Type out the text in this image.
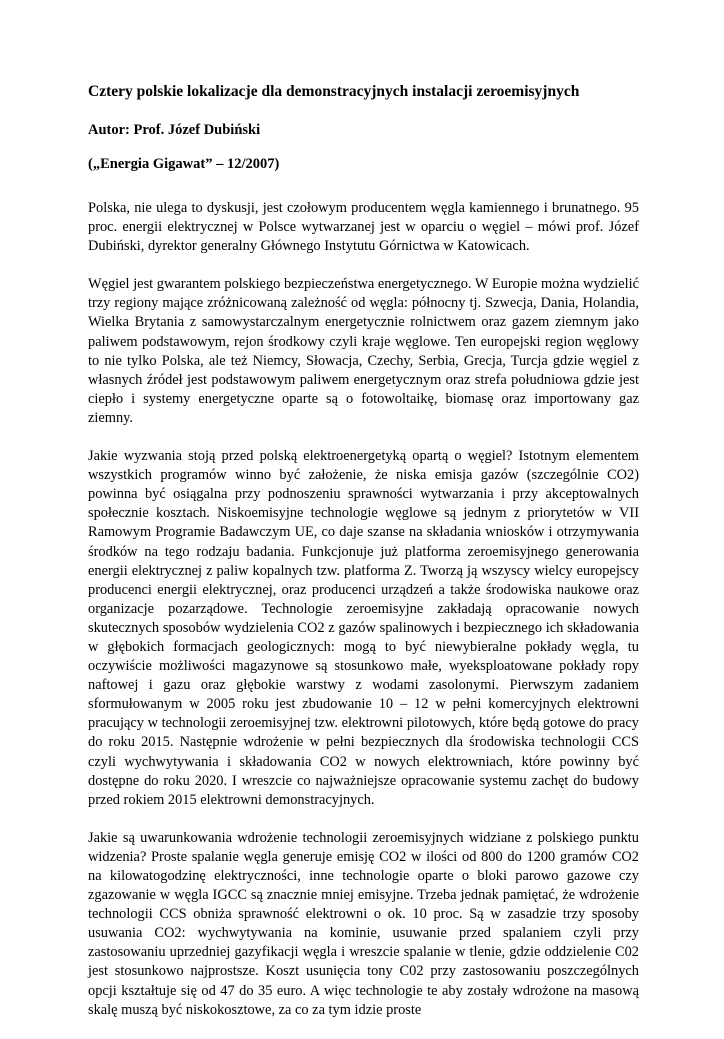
Cztery polskie lokalizacje dla demonstracyjnych instalacji zeroemisyjnych
Autor: Prof. Józef Dubiński
(„Energia Gigawat” – 12/2007)

Polska, nie ulega to dyskusji, jest czołowym producentem węgla kamiennego i brunatnego. 95 proc. energii elektrycznej w Polsce wytwarzanej jest w oparciu o węgiel – mówi prof. Józef Dubiński, dyrektor generalny Głównego Instytutu Górnictwa w Katowicach.

Węgiel jest gwarantem polskiego bezpieczeństwa energetycznego. W Europie można wydzielić trzy regiony mające zróżnicowaną zależność od węgla: północny tj. Szwecja, Dania, Holandia, Wielka Brytania z samowystarczalnym energetycznie rolnictwem oraz gazem ziemnym jako paliwem podstawowym, rejon środkowy czyli kraje węglowe. Ten europejski region węglowy to nie tylko Polska, ale też Niemcy, Słowacja, Czechy, Serbia, Grecja, Turcja gdzie węgiel z własnych źródeł jest podstawowym paliwem energetycznym oraz strefa południowa gdzie jest ciepło i systemy energetyczne oparte są o fotowoltaikę, biomasę oraz importowany gaz ziemny.

Jakie wyzwania stoją przed polską elektroenergetyką opartą o węgiel? Istotnym elementem wszystkich programów winno być założenie, że niska emisja gazów (szczególnie CO2) powinna być osiągalna przy podnoszeniu sprawności wytwarzania i przy akceptowalnych społecznie kosztach. Niskoemisyjne technologie węglowe są jednym z priorytetów w VII Ramowym Programie Badawczym UE, co daje szanse na składania wniosków i otrzymywania środków na tego rodzaju badania. Funkcjonuje już platforma zeroemisyjnego generowania energii elektrycznej z paliw kopalnych tzw. platforma Z. Tworzą ją wszyscy wielcy europejscy producenci energii elektrycznej, oraz producenci urządzeń a także środowiska naukowe oraz organizacje pozarządowe. Technologie zeroemisyjne zakładają opracowanie nowych skutecznych sposobów wydzielenia CO2 z gazów spalinowych i bezpiecznego ich składowania w głębokich formacjach geologicznych: mogą to być niewybieralne pokłady węgla, tu oczywiście możliwości magazynowe są stosunkowo małe, wyeksploatowane pokłady ropy naftowej i gazu oraz głębokie warstwy z wodami zasolonymi. Pierwszym zadaniem sformułowanym w 2005 roku jest zbudowanie 10 – 12 w pełni komercyjnych elektrowni pracujący w technologii zeroemisyjnej tzw. elektrowni pilotowych, które będą gotowe do pracy do roku 2015. Następnie wdrożenie w pełni bezpiecznych dla środowiska technologii CCS czyli wychwytywania i składowania CO2 w nowych elektrowniach, które powinny być dostępne do roku 2020. I wreszcie co najważniejsze opracowanie systemu zachęt do budowy przed rokiem 2015 elektrowni demonstracyjnych.

Jakie są uwarunkowania wdrożenie technologii zeroemisyjnych widziane z polskiego punktu widzenia? Proste spalanie węgla generuje emisję CO2 w ilości od 800 do 1200 gramów CO2 na kilowatogodzinę elektryczności, inne technologie oparte o bloki parowo gazowe czy zgazowanie w węgla IGCC są znacznie mniej emisyjne. Trzeba jednak pamiętać, że wdrożenie technologii CCS obniża sprawność elektrowni o ok. 10 proc. Są w zasadzie trzy sposoby usuwania CO2: wychwytywania na kominie, usuwanie przed spalaniem czyli przy zastosowaniu uprzedniej gazyfikacji węgla i wreszcie spalanie w tlenie, gdzie oddzielenie C02 jest stosunkowo najprostsze. Koszt usunięcia tony C02 przy zastosowaniu poszczególnych opcji kształtuje się od 47 do 35 euro. A więc technologie te aby zostały wdrożone na masową skalę muszą być niskokosztowe, za co za tym idzie proste
